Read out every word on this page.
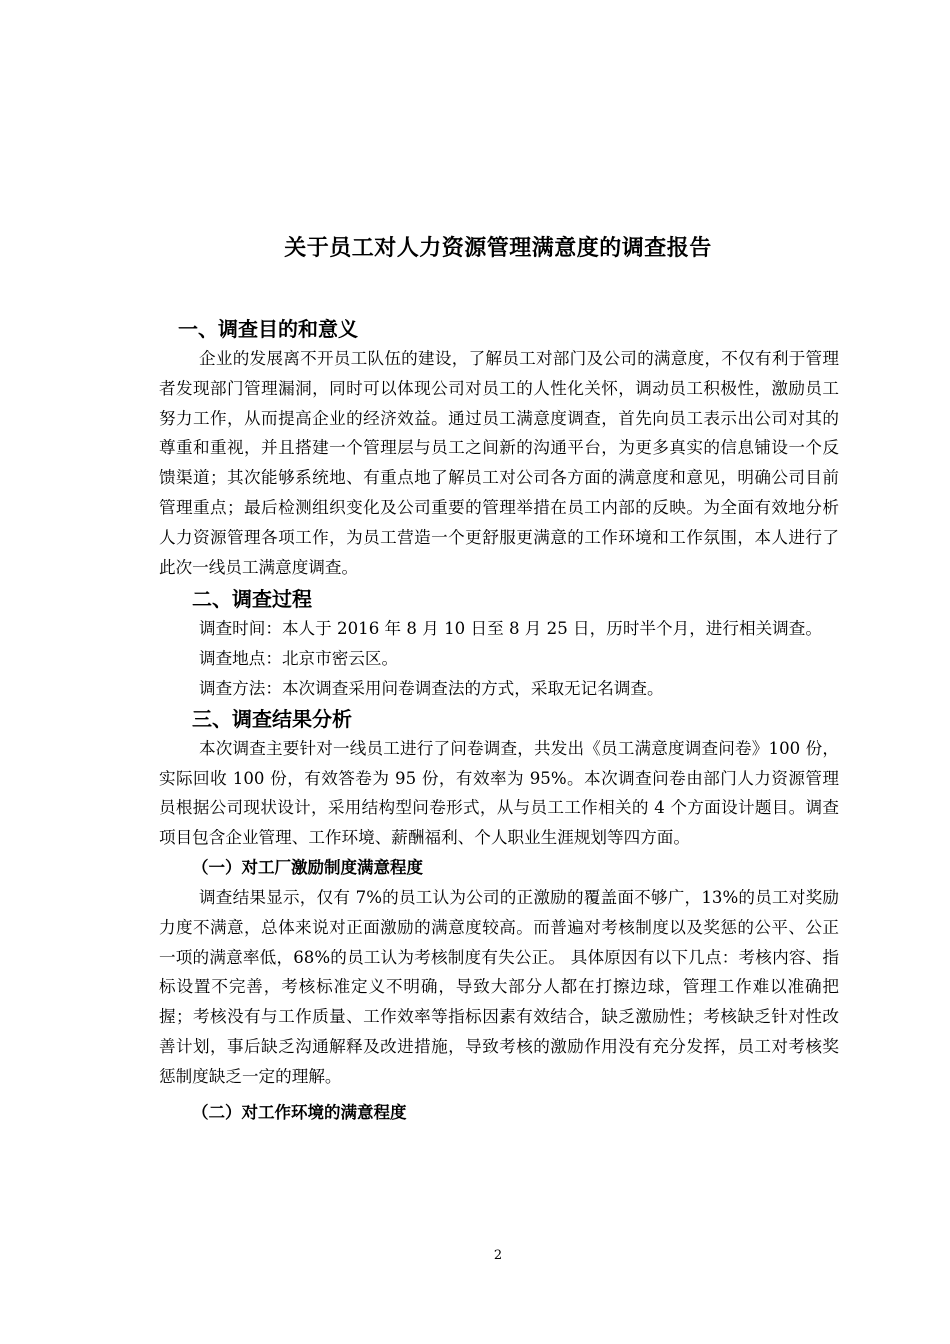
关于员工对人力资源管理满意度的调查报告
一、调查目的和意义

企业的发展离不开员工队伍的建设，了解员工对部门及公司的满意度，不仅有利于管理者发现部门管理漏洞，同时可以体现公司对员工的人性化关怀，调动员工积极性，激励员工努力工作，从而提高企业的经济效益。通过员工满意度调查，首先向员工表示出公司对其的尊重和重视，并且搭建一个管理层与员工之间新的沟通平台，为更多真实的信息铺设一个反馈渠道；其次能够系统地、有重点地了解员工对公司各方面的满意度和意见，明确公司目前管理重点；最后检测组织变化及公司重要的管理举措在员工内部的反映。为全面有效地分析人力资源管理各项工作，为员工营造一个更舒服更满意的工作环境和工作氛围，本人进行了此次一线员工满意度调查。

二、调查过程
调查时间：本人于 2016 年 8 月 10 日至 8 月 25 日，历时半个月，进行相关调查。
调查地点：北京市密云区。
调查方法：本次调查采用问卷调查法的方式，采取无记名调查。
三、调查结果分析

本次调查主要针对一线员工进行了问卷调查，共发出《员工满意度调查问卷》100 份，实际回收 100 份，有效答卷为 95 份，有效率为 95%。本次调查问卷由部门人力资源管理员根据公司现状设计，采用结构型问卷形式，从与员工工作相关的 4 个方面设计题目。调查项目包含企业管理、工作环境、薪酬福利、个人职业生涯规划等四方面。

（一）对工厂激励制度满意程度

调查结果显示，仅有 7%的员工认为公司的正激励的覆盖面不够广，13%的员工对奖励力度不满意，总体来说对正面激励的满意度较高。而普遍对考核制度以及奖惩的公平、公正一项的满意率低，68%的员工认为考核制度有失公正。 具体原因有以下几点：考核内容、指标设置不完善，考核标准定义不明确，导致大部分人都在打擦边球，管理工作难以准确把握；考核没有与工作质量、工作效率等指标因素有效结合，缺乏激励性；考核缺乏针对性改善计划，事后缺乏沟通解释及改进措施，导致考核的激励作用没有充分发挥，员工对考核奖惩制度缺乏一定的理解。

（二）对工作环境的满意程度
2
